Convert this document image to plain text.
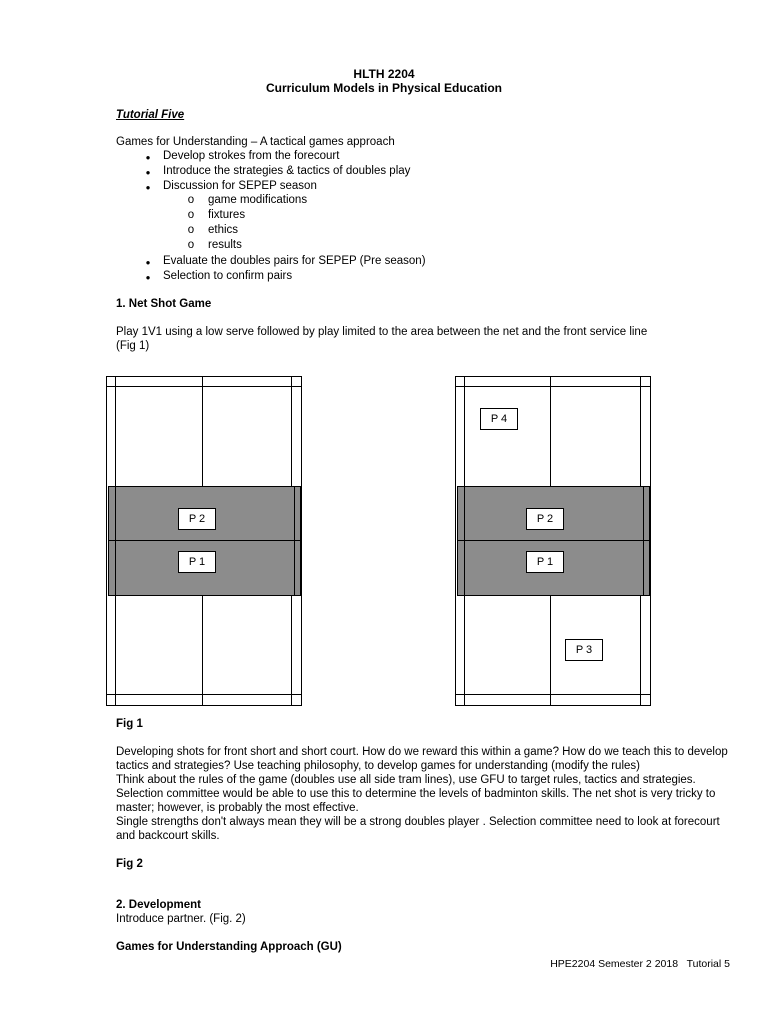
HLTH 2204
Curriculum Models in Physical Education
Tutorial Five
Games for Understanding – A tactical games approach
● Develop strokes from the forecourt
● Introduce the strategies & tactics of doubles play
● Discussion for SEPEP season
o game modifications
o fixtures
o ethics
o results
● Evaluate the doubles pairs for SEPEP (Pre season)
● Selection to confirm pairs
1. Net Shot Game
Play 1V1 using a low serve followed by play limited to the area between the net and the front service line
(Fig 1)
P 2
P 1
P 4
P 2
P 1
P 3
Fig 1
Developing shots for front short and short court. How do we reward this within a game? How do we teach this to develop tactics and strategies? Use teaching philosophy, to develop games for understanding (modify the rules)
Think about the rules of the game (doubles use all side tram lines), use GFU to target rules, tactics and strategies.
Selection committee would be able to use this to determine the levels of badminton skills. The net shot is very tricky to master; however, is probably the most effective.
Single strengths don't always mean they will be a strong doubles player . Selection committee need to look at forecourt and backcourt skills.
Fig 2
2. Development
Introduce partner. (Fig. 2)
Games for Understanding Approach (GU)
HPE2204 Semester 2 2018   Tutorial 5
